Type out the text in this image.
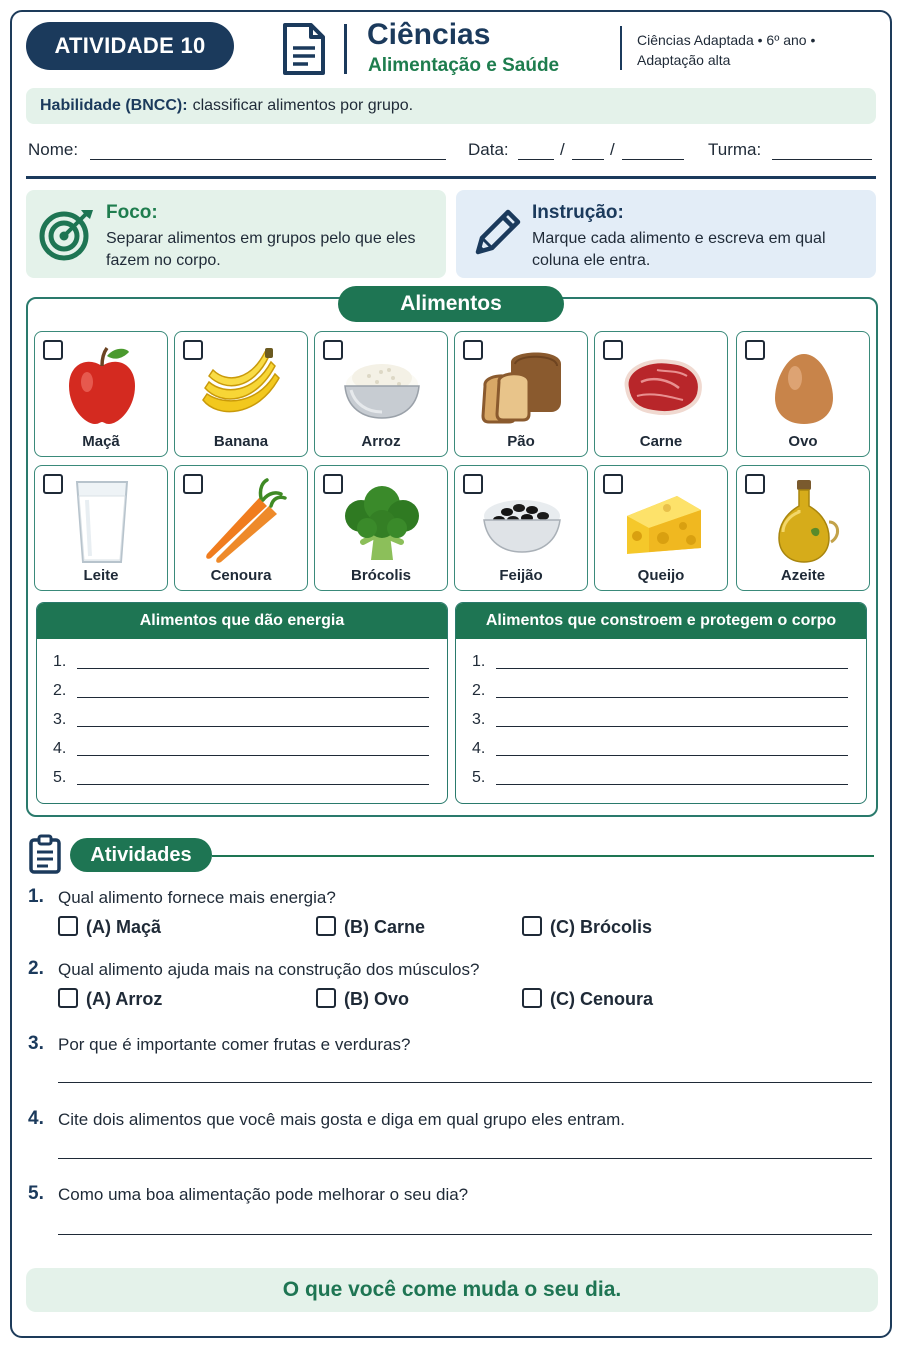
ATIVIDADE 10	Ciências
Alimentação e Saúde
Ciências Adaptada • 6º ano •
Adaptação alta
Habilidade (BNCC): classificar alimentos por grupo.
Nome:	Data:	/	/	Turma:
Foco:

Separar alimentos em grupos pelo que eles fazem no corpo.

Instrução:

Marque cada alimento e escreva em qual coluna ele entra.

Alimentos
Maçã	Banana	Arroz	Pão	Carne	Ovo
Leite	Cenoura	Brócolis	Feijão	Queijo	Azeite
Alimentos que dão energia
1.
2.
3.
4.
5.
Alimentos que constroem e protegem o corpo
1.
2.
3.
4.
5.
Atividades
1. Qual alimento fornece mais energia?
(A) Maçã	(B) Carne	(C) Brócolis
2. Qual alimento ajuda mais na construção dos músculos?
(A) Arroz	(B) Ovo	(C) Cenoura
3. Por que é importante comer frutas e verduras?
4. Cite dois alimentos que você mais gosta e diga em qual grupo eles entram.
5. Como uma boa alimentação pode melhorar o seu dia?
O que você come muda o seu dia.
